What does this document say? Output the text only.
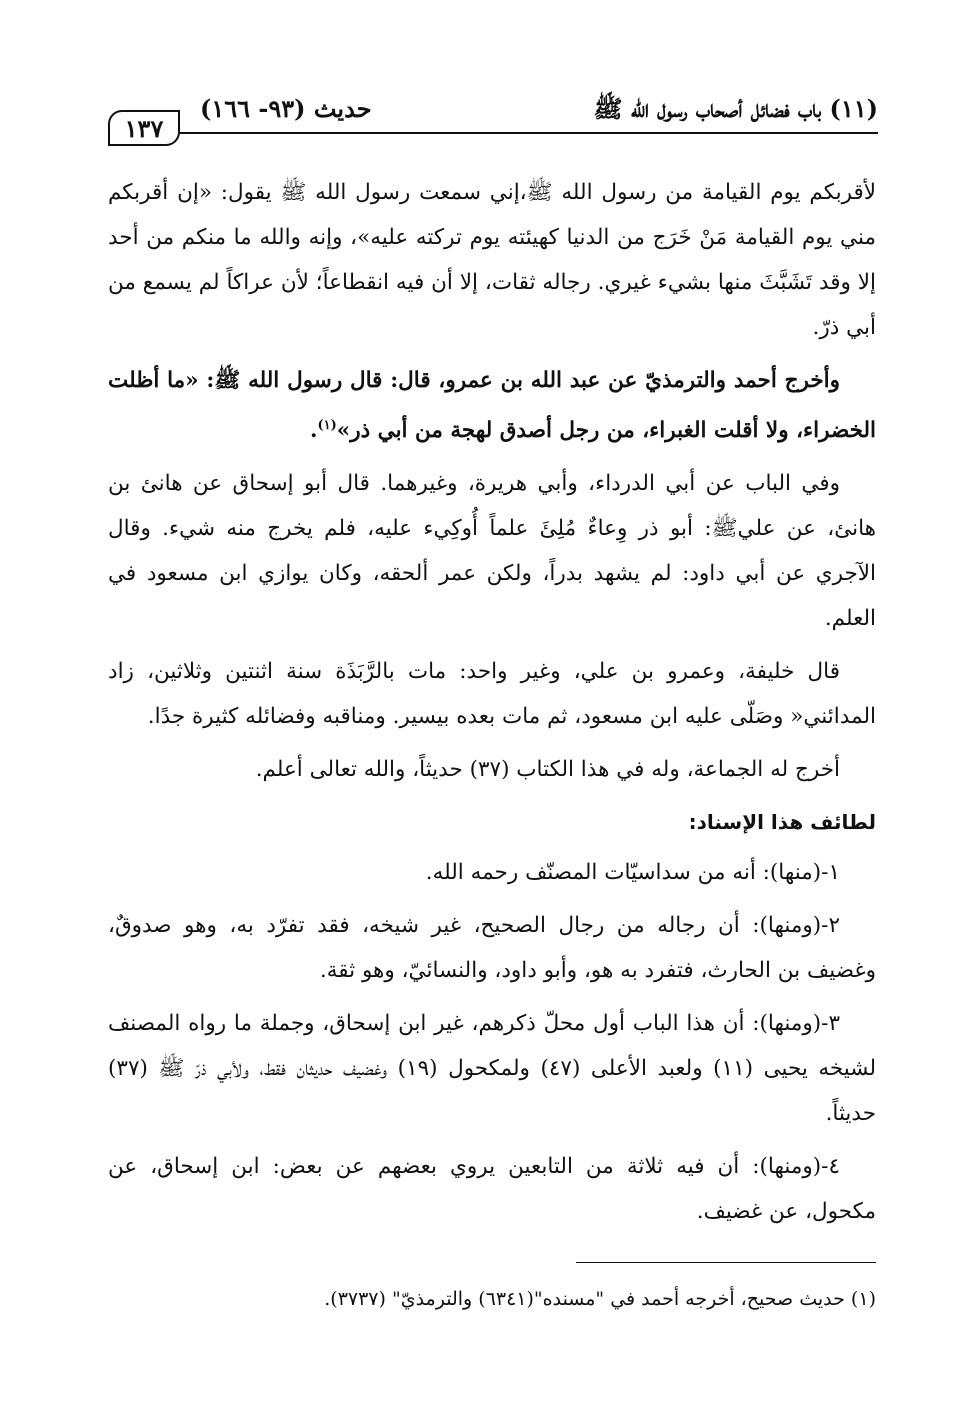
١٣٧
حديث (٩٣- ١٦٦)	(١١) باب فضائل أصحاب رسول الله ﷺ

لأقربكم يوم القيامة من رسول الله ﷺ،إني سمعت رسول الله ﷺ يقول: «إن أقربكم مني يوم القيامة مَنْ خَرَج من الدنيا كهيئته يوم تركته عليه»، وإنه والله ما منكم من أحد إلا وقد تَشَبَّثَ منها بشيء غيري. رجاله ثقات، إلا أن فيه انقطاعاً؛ لأن عراكاً لم يسمع من أبي ذرّ.

وأخرج أحمد والترمذيّ عن عبد الله بن عمرو، قال: قال رسول الله ﷺ: «ما أظلت الخضراء، ولا أقلت الغبراء، من رجل أصدق لهجة من أبي ذر»$^{(١)}$.

وفي الباب عن أبي الدرداء، وأبي هريرة، وغيرهما. قال أبو إسحاق عن هانئ بن هانئ، عن عليﷺ: أبو ذر وِعاءٌ مُلِئَ علماً أُوكِيء عليه، فلم يخرج منه شيء. وقال الآجري عن أبي داود: لم يشهد بدراً، ولكن عمر ألحقه، وكان يوازي ابن مسعود في العلم.

قال خليفة، وعمرو بن علي، وغير واحد: مات بالرَّبَذَة سنة اثنتين وثلاثين، زاد المدائني« وصَلّى عليه ابن مسعود، ثم مات بعده بيسير. ومناقبه وفضائله كثيرة جدًا.

أخرج له الجماعة، وله في هذا الكتاب (٣٧) حديثاً، والله تعالى أعلم.

لطائف هذا الإسناد:

١-(منها): أنه من سداسيّات المصنّف رحمه الله.

٢-(ومنها): أن رجاله من رجال الصحيح، غير شيخه، فقد تفرّد به، وهو صدوقٌ، وغضيف بن الحارث، فتفرد به هو، وأبو داود، والنسائيّ، وهو ثقة.

٣-(ومنها): أن هذا الباب أول محلّ ذكرهم، غير ابن إسحاق، وجملة ما رواه المصنف لشيخه يحيى (١١) ولعبد الأعلى (٤٧) ولمكحول (١٩) وغضيف حديثان فقط، ولأبي ذرّ ﷺ (٣٧) حديثاً.

٤-(ومنها): أن فيه ثلاثة من التابعين يروي بعضهم عن بعض: ابن إسحاق، عن مكحول، عن غضيف.

(١) حديث صحيح، أخرجه أحمد في "مسنده"(٦٣٤١) والترمذيّ" (٣٧٣٧).
